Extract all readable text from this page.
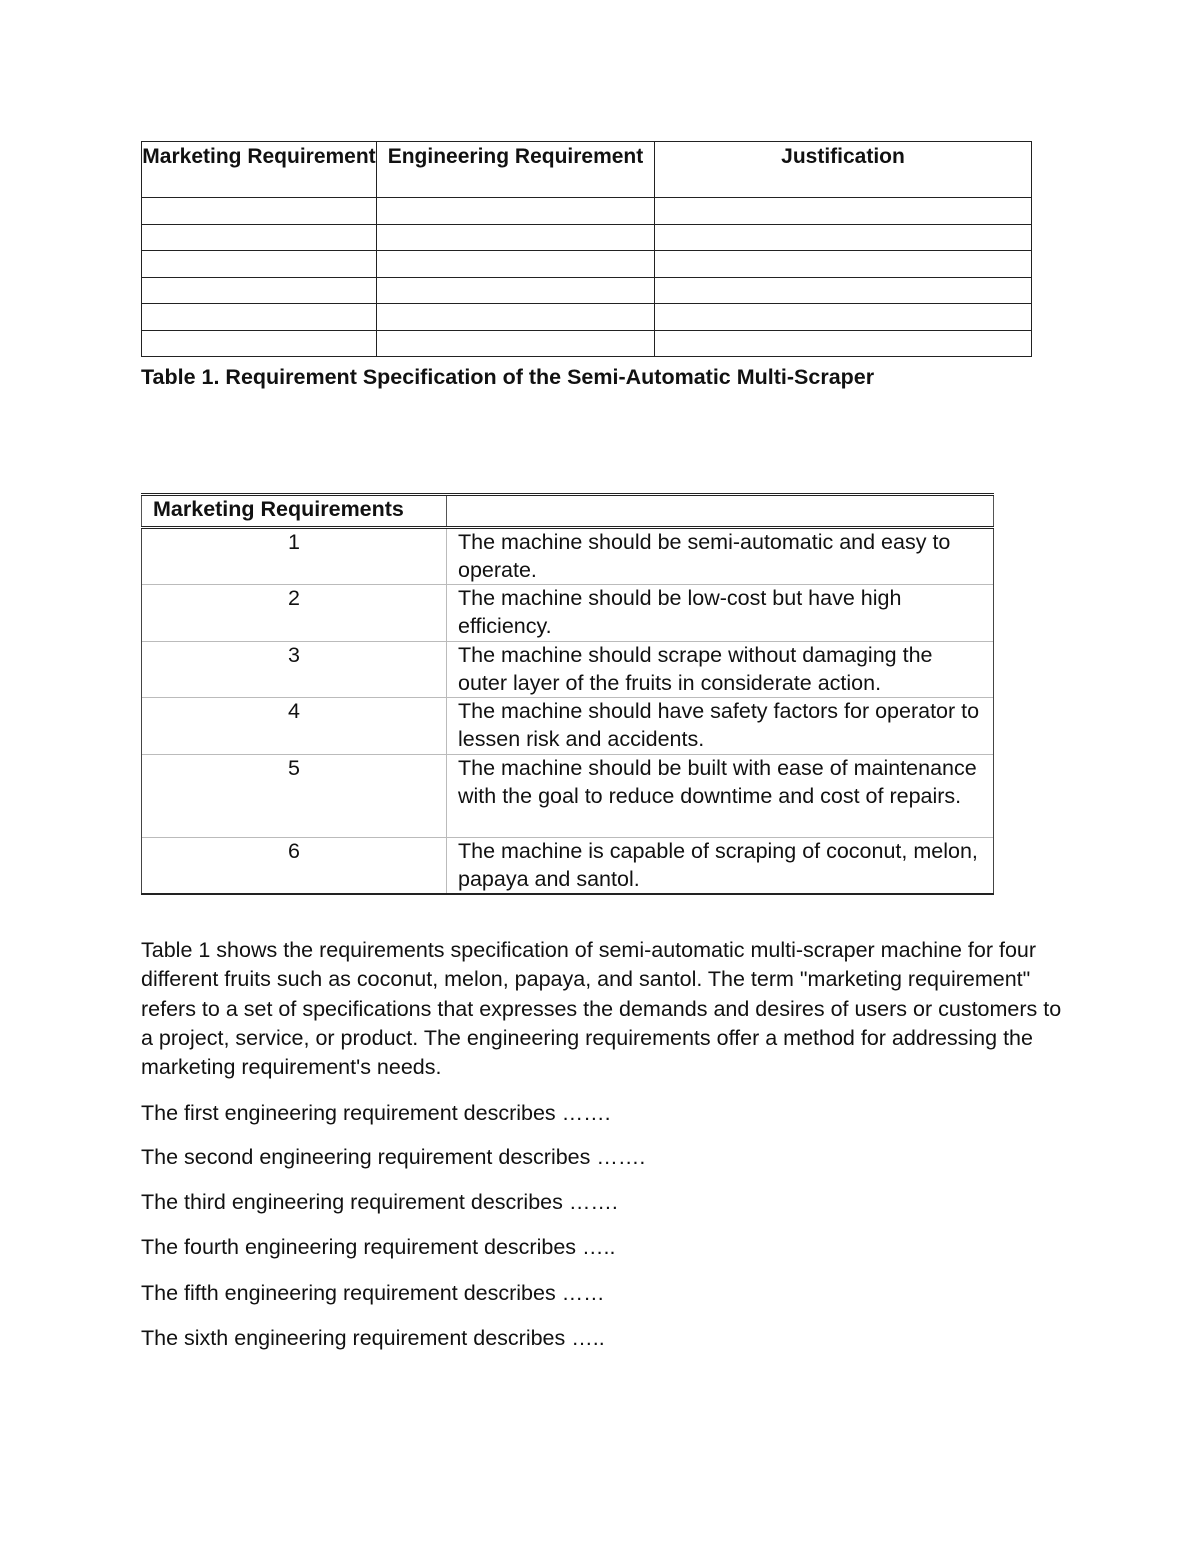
Marketing Requirement	Engineering Requirement	Justification

Table 1. Requirement Specification of the Semi-Automatic Multi-Scraper
Marketing Requirements	
1	The machine should be semi-automatic and easy to operate.
2	The machine should be low-cost but have high efficiency.
3	The machine should scrape without damaging the outer layer of the fruits in considerate action.
4	The machine should have safety factors for operator to lessen risk and accidents.
5	The machine should be built with ease of maintenance with the goal to reduce downtime and cost of repairs.
6	The machine is capable of scraping of coconut, melon, papaya and santol.

Table 1 shows the requirements specification of semi-automatic multi-scraper machine for four different fruits such as coconut, melon, papaya, and santol. The term "marketing requirement" refers to a set of specifications that expresses the demands and desires of users or customers to a project, service, or product. The engineering requirements offer a method for addressing the marketing requirement's needs.

The first engineering requirement describes …….

The second engineering requirement describes …….

The third engineering requirement describes …….

The fourth engineering requirement describes …..

The fifth engineering requirement describes ……

The sixth engineering requirement describes …..
